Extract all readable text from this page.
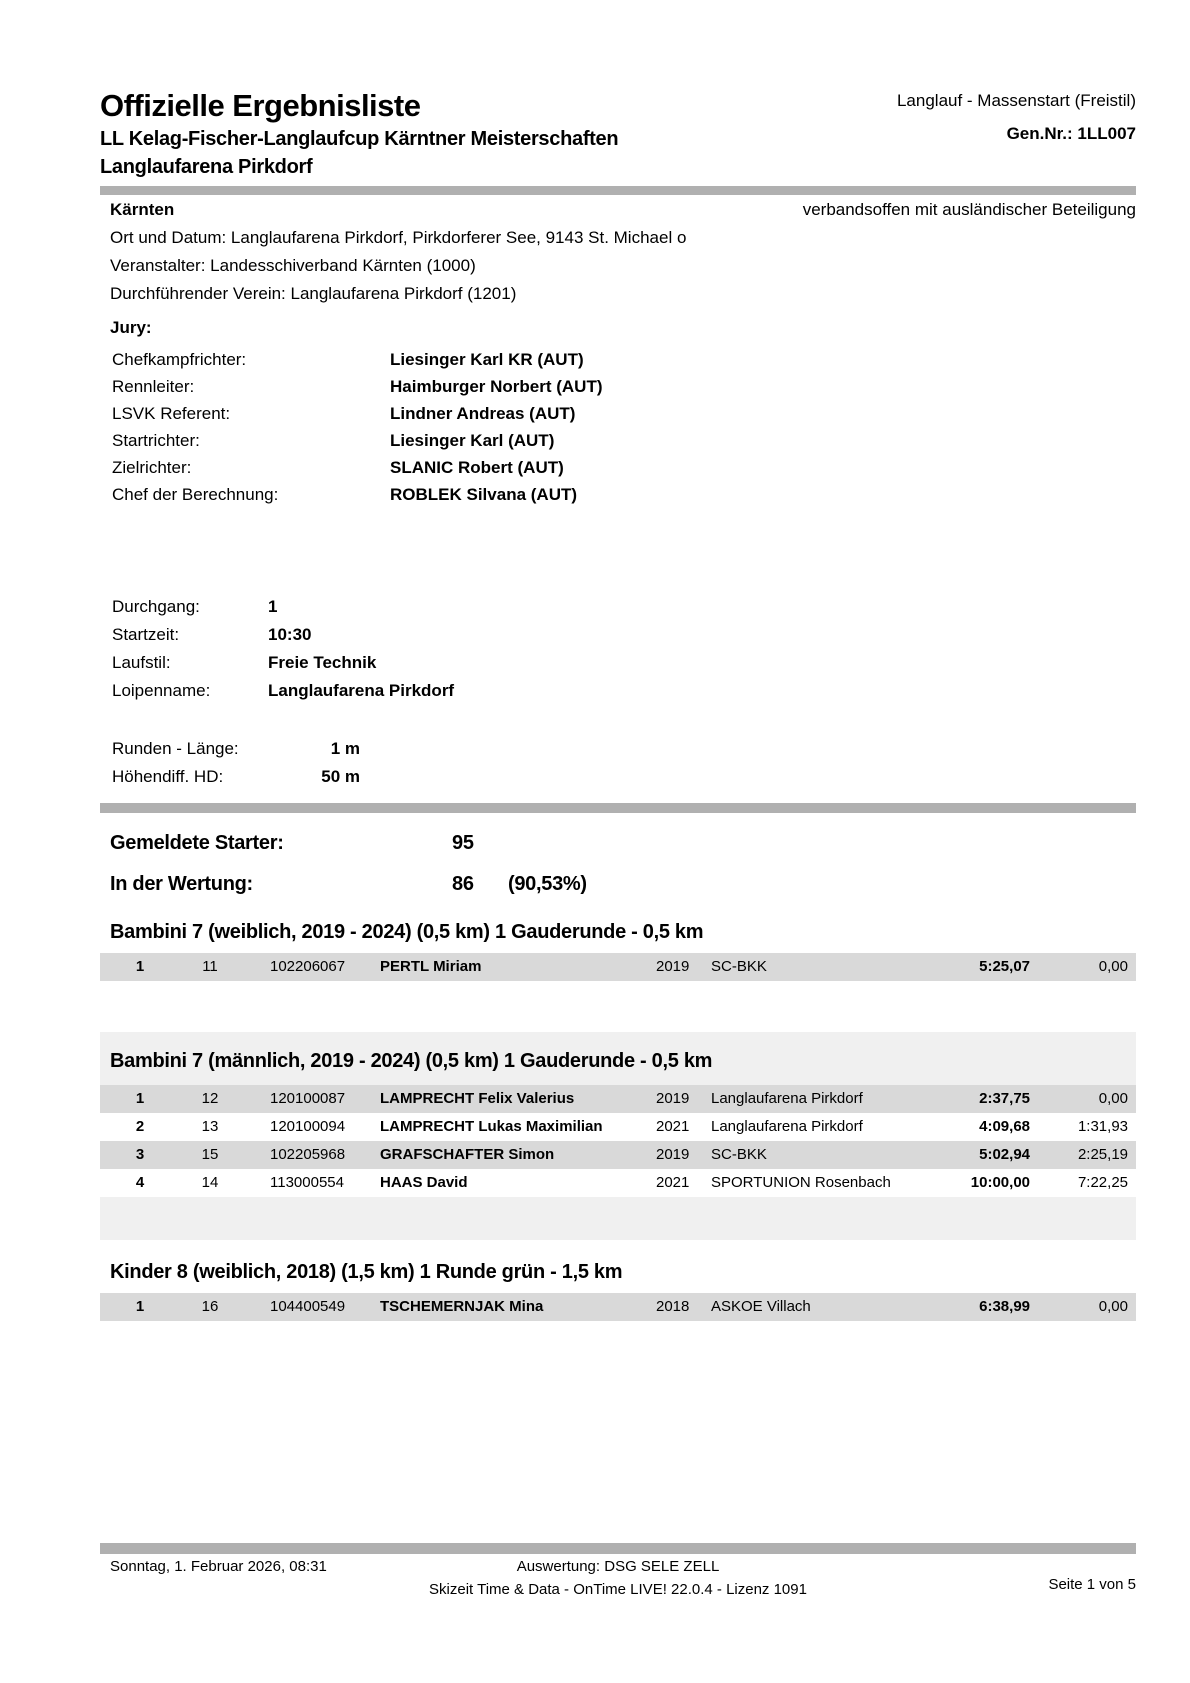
Offizielle Ergebnisliste
LL Kelag-Fischer-Langlaufcup Kärntner Meisterschaften
Langlaufarena Pirkdorf
Langlauf - Massenstart (Freistil)
Gen.Nr.: 1LL007
Kärnten	verbandsoffen mit ausländischer Beteiligung
Ort und Datum: Langlaufarena Pirkdorf, Pirkdorferer See, 9143 St. Michael o
Veranstalter: Landesschiverband Kärnten (1000)
Durchführender Verein: Langlaufarena Pirkdorf (1201)
Jury:
Chefkampfrichter:	Liesinger Karl KR (AUT)
Rennleiter:	Haimburger Norbert (AUT)
LSVK Referent:	Lindner Andreas (AUT)
Startrichter:	Liesinger Karl (AUT)
Zielrichter:	SLANIC Robert (AUT)
Chef der Berechnung:	ROBLEK Silvana (AUT)
Durchgang:	1
Startzeit:	10:30
Laufstil:	Freie Technik
Loipenname:	Langlaufarena Pirkdorf
Runden - Länge:	1 m
Höhendiff. HD:	50 m
Gemeldete Starter:	95
In der Wertung:	86	(90,53%)
Bambini 7 (weiblich, 2019 - 2024) (0,5 km) 1 Gauderunde - 0,5 km
1	11	102206067	PERTL Miriam	2019	SC-BKK	5:25,07	0,00
Bambini 7 (männlich, 2019 - 2024) (0,5 km) 1 Gauderunde - 0,5 km
1	12	120100087	LAMPRECHT Felix Valerius	2019	Langlaufarena Pirkdorf	2:37,75	0,00
2	13	120100094	LAMPRECHT Lukas Maximilian	2021	Langlaufarena Pirkdorf	4:09,68	1:31,93
3	15	102205968	GRAFSCHAFTER Simon	2019	SC-BKK	5:02,94	2:25,19
4	14	113000554	HAAS David	2021	SPORTUNION Rosenbach	10:00,00	7:22,25
Kinder 8 (weiblich, 2018) (1,5 km) 1 Runde grün - 1,5 km
1	16	104400549	TSCHEMERNJAK Mina	2018	ASKOE Villach	6:38,99	0,00
Sonntag, 1. Februar 2026, 08:31	Auswertung: DSG SELE ZELL
Seite 1 von 5
Skizeit Time & Data - OnTime LIVE! 22.0.4 - Lizenz 1091
